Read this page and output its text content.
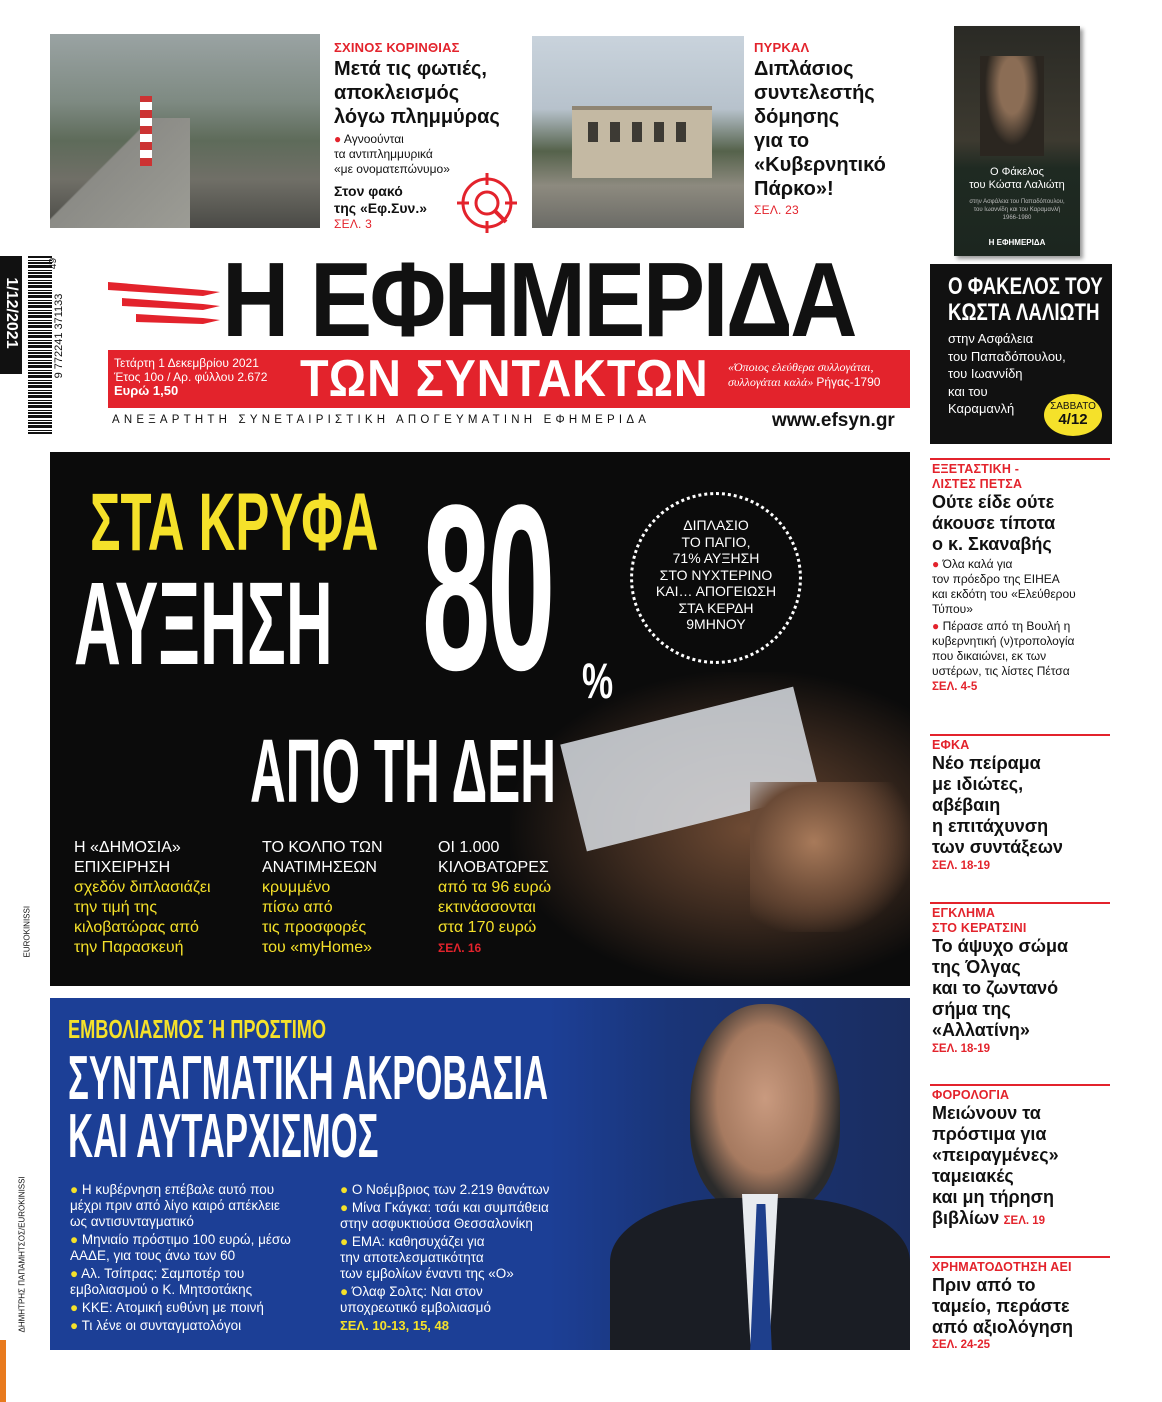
1/12/2021	9 772241 371133
49
ΣΧΙΝΟΣ ΚΟΡΙΝΘΙΑΣ
Μετά τις φωτιές,
αποκλεισμός
λόγω πλημμύρας
● Αγνοούνται
τα αντιπλημμυρικά
«με ονοματεπώνυμο»
Στον φακό
της «Εφ.Συν.»
ΣΕΛ. 3
ΠΥΡΚΑΛ
Διπλάσιος
συντελεστής
δόμησης
για το
«Κυβερνητικό
Πάρκο»!
ΣΕΛ. 23
Η ΕΦΗΜΕΡΙΔΑ
Τετάρτη 1 Δεκεμβρίου 2021
Έτος 10ο / Αρ. φύλλου 2.672
Ευρώ 1,50	ΤΩΝ ΣΥΝΤΑΚΤΩΝ «Όποιος ελεύθερα συλλογάται,
συλλογάται καλά» Ρήγας-1790
ΑΝΕΞΑΡΤΗΤΗ ΣΥΝΕΤΑΙΡΙΣΤΙΚΗ ΑΠΟΓΕΥΜΑΤΙΝΗ ΕΦΗΜΕΡΙΔΑ	www.efsyn.gr
Ο Φάκελος
του Κώστα Λαλιώτη
στην Ασφάλεια του Παπαδόπουλου,
του Ιωαννίδη και του Καραμανλή
1966-1980
Η ΕΦΗΜΕΡΙΔΑ
Ο ΦΑΚΕΛΟΣ ΤΟΥ
ΚΩΣΤΑ ΛΑΛΙΩΤΗ
στην Ασφάλεια
του Παπαδόπουλου,
του Ιωαννίδη
και του
Καραμανλή	ΣΑΒΒΑΤΟ
4/12
ΣΤΑ ΚΡΥΦΑ
ΑΥΞΗΣΗ 80 %
ΑΠΟ ΤΗ ΔΕΗ
ΔΙΠΛΑΣΙΟ
ΤΟ ΠΑΓΙΟ,
71% ΑΥΞΗΣΗ
ΣΤΟ ΝΥΧΤΕΡΙΝΟ
ΚΑΙ… ΑΠΟΓΕΙΩΣΗ
ΣΤΑ ΚΕΡΔΗ
9ΜΗΝΟΥ
Η «ΔΗΜΟΣΙΑ»
ΕΠΙΧΕΙΡΗΣΗ
σχεδόν διπλασιάζει
την τιμή της
κιλοβατώρας από
την Παρασκευή
ΤΟ ΚΟΛΠΟ ΤΩΝ
ΑΝΑΤΙΜΗΣΕΩΝ
κρυμμένο
πίσω από
τις προσφορές
του «myHome»
ΟΙ 1.000
ΚΙΛΟΒΑΤΩΡΕΣ
από τα 96 ευρώ
εκτινάσσονται
στα 170 ευρώ
ΣΕΛ. 16
EUROKINISSI
ΕΜΒΟΛΙΑΣΜΟΣ Ή ΠΡΟΣΤΙΜΟ
ΣΥΝΤΑΓΜΑΤΙΚΗ ΑΚΡΟΒΑΣΙΑ
ΚΑΙ ΑΥΤΑΡΧΙΣΜΟΣ
● Η κυβέρνηση επέβαλε αυτό που
μέχρι πριν από λίγο καιρό απέκλειε
ως αντισυνταγματικό
● Μηνιαίο πρόστιμο 100 ευρώ, μέσω
ΑΑΔΕ, για τους άνω των 60
● Αλ. Τσίπρας: Σαμποτέρ του
εμβολιασμού ο Κ. Μητσοτάκης
● ΚΚΕ: Ατομική ευθύνη με ποινή
● Τι λένε οι συνταγματολόγοι
● Ο Νοέμβριος των 2.219 θανάτων
● Μίνα Γκάγκα: τσάι και συμπάθεια
στην ασφυκτιούσα Θεσσαλονίκη
● ΕΜΑ: καθησυχάζει για
την αποτελεσματικότητα
των εμβολίων έναντι της «Ο»
● Όλαφ Σολτς: Ναι στον
υποχρεωτικό εμβολιασμό
ΣΕΛ. 10-13, 15, 48
ΔΗΜΗΤΡΗΣ ΠΑΠΑΜΗΤΣΟΣ/EUROKINISSI
ΕΞΕΤΑΣΤΙΚΗ -
ΛΙΣΤΕΣ ΠΕΤΣΑ
Ούτε είδε ούτε
άκουσε τίποτα
ο κ. Σκαναβής
● Όλα καλά για
τον πρόεδρο της ΕΙΗΕΑ
και εκδότη του «Ελεύθερου
Τύπου»
● Πέρασε από τη Βουλή η
κυβερνητική (ν)τροπολογία
που δικαιώνει, εκ των
υστέρων, τις λίστες Πέτσα
ΣΕΛ. 4-5
ΕΦΚΑ
Νέο πείραμα
με ιδιώτες,
αβέβαιη
η επιτάχυνση
των συντάξεων
ΣΕΛ. 18-19
ΕΓΚΛΗΜΑ
ΣΤΟ ΚΕΡΑΤΣΙΝΙ
Το άψυχο σώμα
της Όλγας
και το ζωντανό
σήμα της
«Αλλατίνη»
ΣΕΛ. 18-19
ΦΟΡΟΛΟΓΙΑ
Μειώνουν τα
πρόστιμα για
«πειραγμένες»
ταμειακές
και μη τήρηση
βιβλίων ΣΕΛ. 19
ΧΡΗΜΑΤΟΔΟΤΗΣΗ ΑΕΙ
Πριν από το
ταμείο, περάστε
από αξιολόγηση
ΣΕΛ. 24-25
